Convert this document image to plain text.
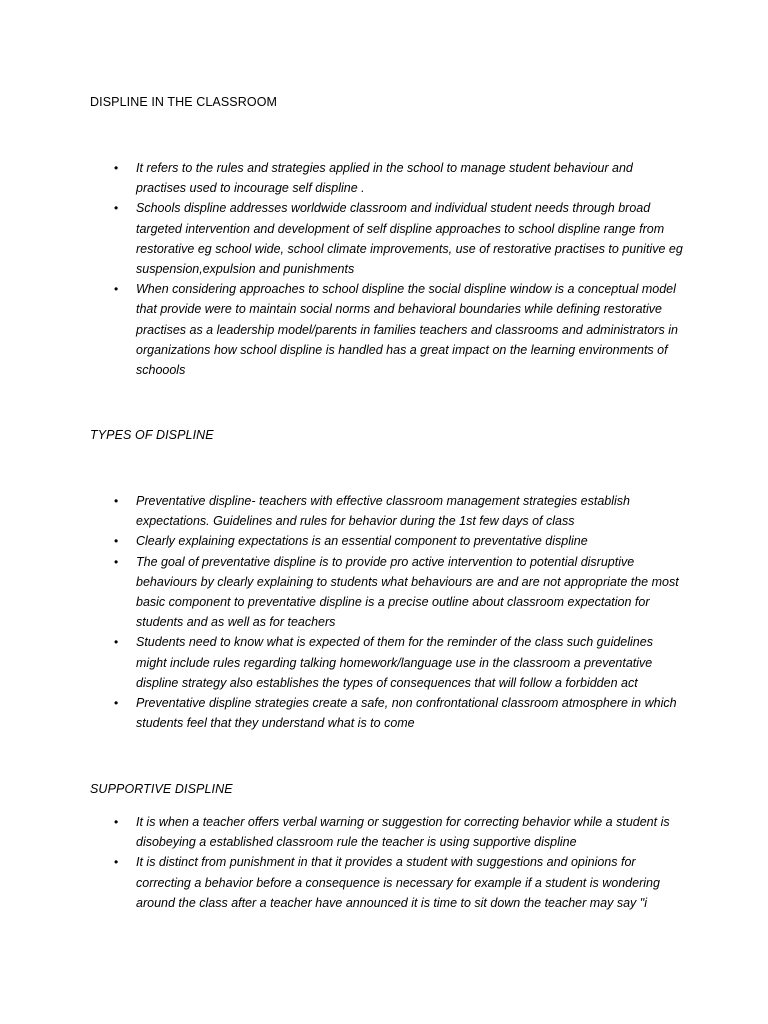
DISPLINE IN THE CLASSROOM
• It refers to the rules and strategies applied in the school to manage student behaviour and practises used to incourage self displine .
• Schools displine addresses worldwide classroom and individual student needs through broad targeted intervention and development of self displine approaches to school displine range from restorative eg school wide, school climate improvements, use of restorative practises to punitive eg suspension,expulsion and punishments
• When considering approaches to school displine the social displine window is a conceptual model that provide were to maintain social norms and behavioral boundaries while defining restorative practises as a leadership model/parents in families teachers and classrooms and administrators in organizations how school displine is handled has a great impact on the learning environments of schoools
TYPES OF DISPLINE
• Preventative displine- teachers with effective classroom management strategies establish expectations. Guidelines and rules for behavior during the 1st few days of class
• Clearly explaining expectations is an essential component to preventative displine
• The goal of preventative displine is to provide pro active intervention to potential disruptive behaviours by clearly explaining to students what behaviours are and are not appropriate the most basic component to preventative displine is a precise outline about classroom expectation for students and as well as for teachers
• Students need to know what is expected of them for the reminder of the class such guidelines might include rules regarding talking homework/language use in the classroom a preventative displine strategy also establishes the types of consequences that will follow a forbidden act
• Preventative displine strategies create a safe, non confrontational classroom atmosphere in which students feel that they understand what is to come
SUPPORTIVE DISPLINE
• It is when a teacher offers verbal warning or suggestion for correcting behavior while a student is disobeying a established classroom rule the teacher is using supportive displine
• It is distinct from punishment in that it provides a student with suggestions and opinions for correcting a behavior before a consequence is necessary for example if a student is wondering around the class after a teacher have announced it is time to sit down the teacher may say "i
